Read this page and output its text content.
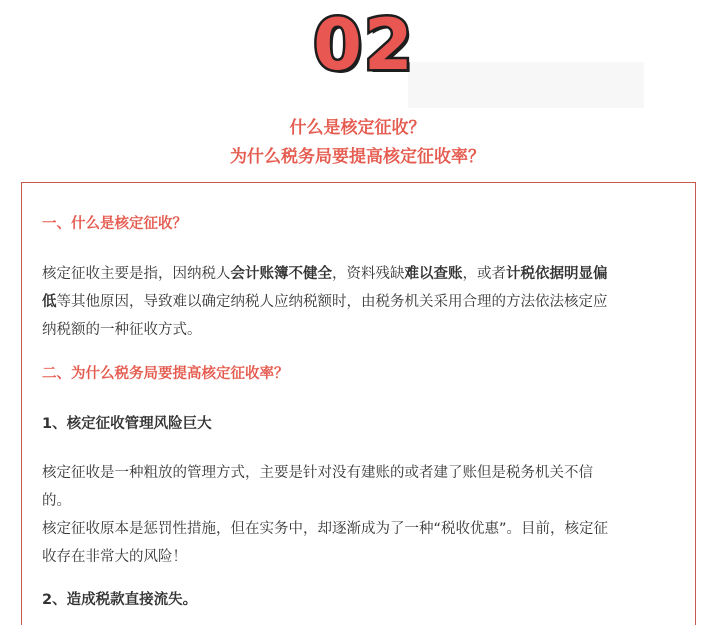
02
什么是核定征收？
为什么税务局要提高核定征收率？
一、什么是核定征收？
核定征收主要是指，因纳税人会计账簿不健全，资料残缺难以查账，或者计税依据明显偏
低等其他原因，导致难以确定纳税人应纳税额时，由税务机关采用合理的方法依法核定应
纳税额的一种征收方式。
二、为什么税务局要提高核定征收率？
1、核定征收管理风险巨大
核定征收是一种粗放的管理方式，主要是针对没有建账的或者建了账但是税务机关不信
的。
核定征收原本是惩罚性措施，但在实务中，却逐渐成为了一种“税收优惠”。目前，核定征
收存在非常大的风险！
2、造成税款直接流失。
